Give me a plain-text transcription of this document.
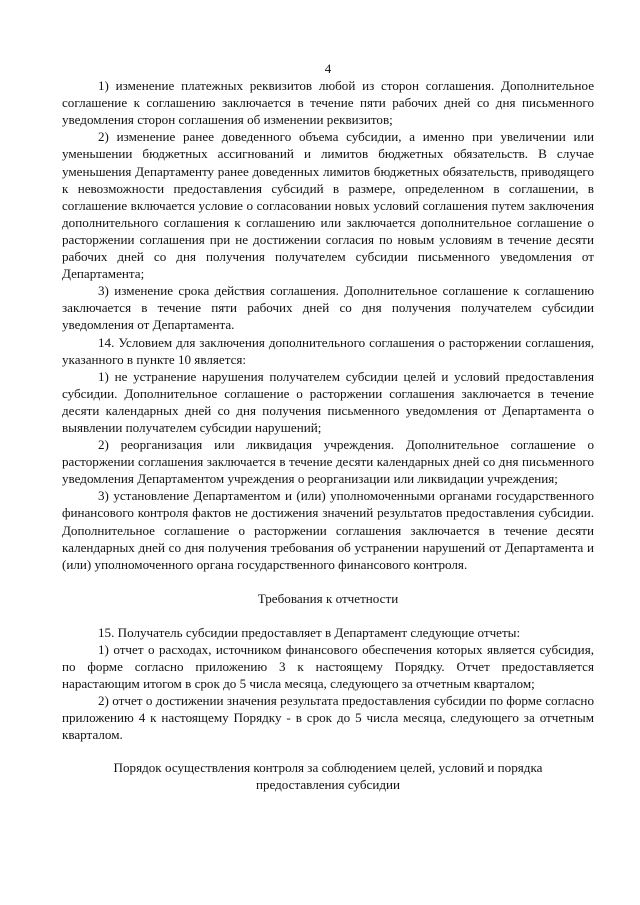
4

1) изменение платежных реквизитов любой из сторон соглашения. Дополнительное соглашение к соглашению заключается в течение пяти рабочих дней со дня письменного уведомления сторон соглашения об изменении реквизитов;

2) изменение ранее доведенного объема субсидии, а именно при увеличении или уменьшении бюджетных ассигнований и лимитов бюджетных обязательств. В случае уменьшения Департаменту ранее доведенных лимитов бюджетных обязательств, приводящего к невозможности предоставления субсидий в размере, определенном в соглашении, в соглашение включается условие о согласовании новых условий соглашения путем заключения дополнительного соглашения к соглашению или заключается дополнительное соглашение о расторжении соглашения при не достижении согласия по новым условиям в течение десяти рабочих дней со дня получения получателем субсидии письменного уведомления от Департамента;

3) изменение срока действия соглашения. Дополнительное соглашение к соглашению заключается в течение пяти рабочих дней со дня получения получателем субсидии уведомления от Департамента.

14. Условием для заключения дополнительного соглашения о расторжении соглашения, указанного в пункте 10 является:

1) не устранение нарушения получателем субсидии целей и условий предоставления субсидии. Дополнительное соглашение о расторжении соглашения заключается в течение десяти календарных дней со дня получения письменного уведомления от Департамента о выявлении получателем субсидии нарушений;

2) реорганизация или ликвидация учреждения. Дополнительное соглашение о расторжении соглашения заключается в течение десяти календарных дней со дня письменного уведомления Департаментом учреждения о реорганизации или ликвидации учреждения;

3) установление Департаментом и (или) уполномоченными органами государственного финансового контроля фактов не достижения значений результатов предоставления субсидии. Дополнительное соглашение о расторжении соглашения заключается в течение десяти календарных дней со дня получения требования об устранении нарушений от Департамента и (или) уполномоченного органа государственного финансового контроля.

Требования к отчетности

15. Получатель субсидии предоставляет в Департамент следующие отчеты:

1) отчет о расходах, источником финансового обеспечения которых является субсидия, по форме согласно приложению 3 к настоящему Порядку. Отчет предоставляется нарастающим итогом в срок до 5 числа месяца, следующего за отчетным кварталом;

2) отчет о достижении значения результата предоставления субсидии по форме согласно приложению 4 к настоящему Порядку - в срок до 5 числа месяца, следующего за отчетным кварталом.

Порядок осуществления контроля за соблюдением целей, условий и порядка
предоставления субсидии
